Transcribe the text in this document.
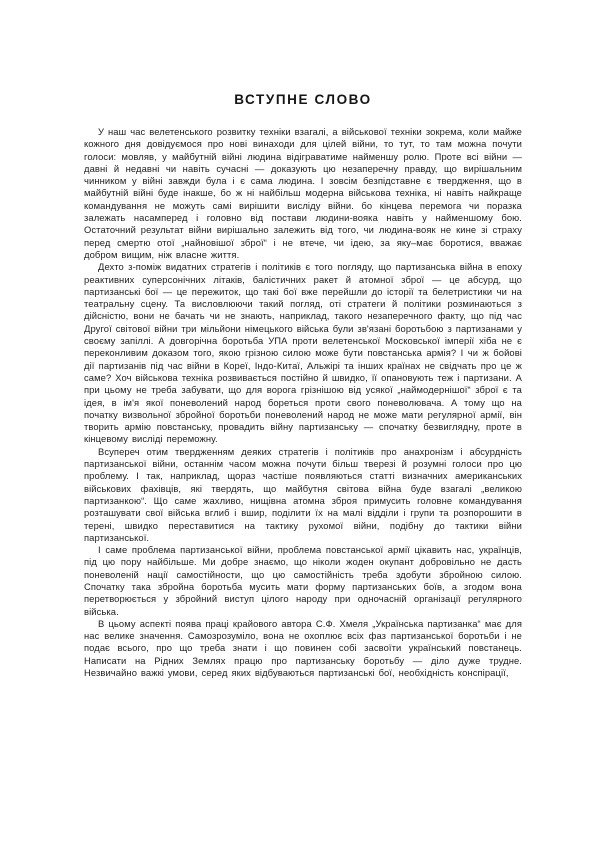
ВСТУПНЕ СЛОВО

У наш час велетенського розвитку техніки взагалі, а військової техніки зокрема, коли майже кожного дня довідуємося про нові винаходи для цілей війни, то тут, то там можна почути голоси: мовляв, у майбутній війні людина відіграватиме найменшу ролю. Проте всі війни — давні й недавні чи навіть сучасні — доказують цю незаперечну правду, що вирішальним чинником у війні завжди була і є сама людина. І зовсім безпідставне є твердження, що в майбутній війні буде інакше, бо ж ні найбільш модерна військова техніка, ні навіть найкраще командування не можуть самі вирішити висліду війни. бо кінцева перемога чи поразка залежать насамперед і головно від постави людини-вояка навіть у найменшому бою. Остаточний результат війни вирішально залежить від того, чи людина-вояк не кине зі страху перед смертю отої „найновішої зброї“ і не втече, чи ідею, за яку–має боротися, вважає добром вищим, ніж власне життя.

Дехто з-поміж видатних стратегів і політиків є того погляду, що партизанська війна в епоху реактивних суперсонічних літаків, балістичних ракет й атомної зброї — це абсурд, що партизанські бої — це пережиток, що такі бої вже перейшли до історії та белетристики чи на театральну сцену. Та висловлюючи такий погляд, оті стратеги й політики розминаються з дійсністю, вони не бачать чи не знають, наприклад, такого незаперечного факту, що під час Другої світової війни три мільйони німецького війська були зв'язані боротьбою з партизанами у своєму запіллі. А довгорічна боротьба УПА проти велетенської Московської імперії хіба не є переконливим доказом того, якою грізною силою може бути повстанська армія? І чи ж бойові дії партизанів під час війни в Кореї, Індо-Китаї, Альжірі та інших країнах не свідчать про це ж саме? Хоч військова техніка розвивається постійно й швидко, її опановують теж і партизани. А при цьому не треба забувати, що для ворога грізнішою від усякої „наймодернішої“ зброї є та ідея, в ім'я якої поневолений народ бореться проти свого поневолювача. А тому що на початку визвольної збройної боротьби поневолений народ не може мати регулярної армії, він творить армію повстанську, провадить війну партизанську — спочатку безвиглядну, проте в кінцевому висліді переможну.

Всупереч отим твердженням деяких стратегів і політиків про анахронізм і абсурдність партизанської війни, останнім часом можна почути більш тверезі й розумні голоси про цю проблему. І так, наприклад, щораз частіше появляються статті визначних американських військових фахівців, які твердять, що майбутня світова війна буде взагалі „великою партизанкою“. Що саме жахливо, нищівна атомна зброя примусить головне командування розташувати свої війська вглиб і вшир, поділити їх на малі відділи і групи та розпорошити в терені, швидко переставитися на тактику рухомої війни, подібну до тактики війни партизанської.

І саме проблема партизанської війни, проблема повстанської армії цікавить нас, українців, під цю пору найбільше. Ми добре знаємо, що ніколи жоден окупант добровільно не дасть поневоленій нації самостійности, що цю самостійність треба здобути збройною силою. Спочатку така збройна боротьба мусить мати форму партизанських боїв, а згодом вона перетворюється у збройний виступ цілого народу при одночасній організації регулярного війська.

В цьому аспекті поява праці крайового автора С.Ф. Хмеля „Українська партизанка“ має для нас велике значення. Самозрозуміло, вона не охоплює всіх фаз партизанської боротьби і не подає всього, про що треба знати і що повинен собі засвоїти український повстанець. Написати на Рідних Землях працю про партизанську боротьбу — діло дуже трудне. Незвичайно важкі умови, серед яких відбуваються партизанські бої, необхідність конспірації,
